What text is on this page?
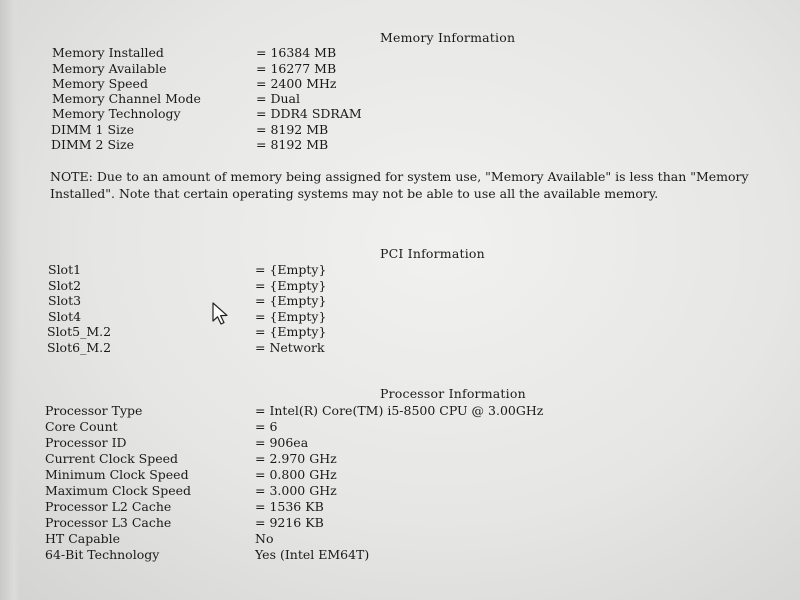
Memory Information
Memory Installed	= 16384 MB
Memory Available	= 16277 MB
Memory Speed	= 2400 MHz
Memory Channel Mode	= Dual
Memory Technology	= DDR4 SDRAM
DIMM 1 Size	= 8192 MB
DIMM 2 Size	= 8192 MB
NOTE: Due to an amount of memory being assigned for system use, "Memory Available" is less than "Memory Installed". Note that certain operating systems may not be able to use all the available memory.
PCI Information
Slot1	= {Empty}
Slot2	= {Empty}
Slot3	= {Empty}
Slot4	= {Empty}
Slot5_M.2	= {Empty}
Slot6_M.2	= Network
Processor Information
Processor Type	= Intel(R) Core(TM) i5-8500 CPU @ 3.00GHz
Core Count	= 6
Processor ID	= 906ea
Current Clock Speed	= 2.970 GHz
Minimum Clock Speed	= 0.800 GHz
Maximum Clock Speed	= 3.000 GHz
Processor L2 Cache	= 1536 KB
Processor L3 Cache	= 9216 KB
HT Capable	No
64-Bit Technology	Yes (Intel EM64T)
